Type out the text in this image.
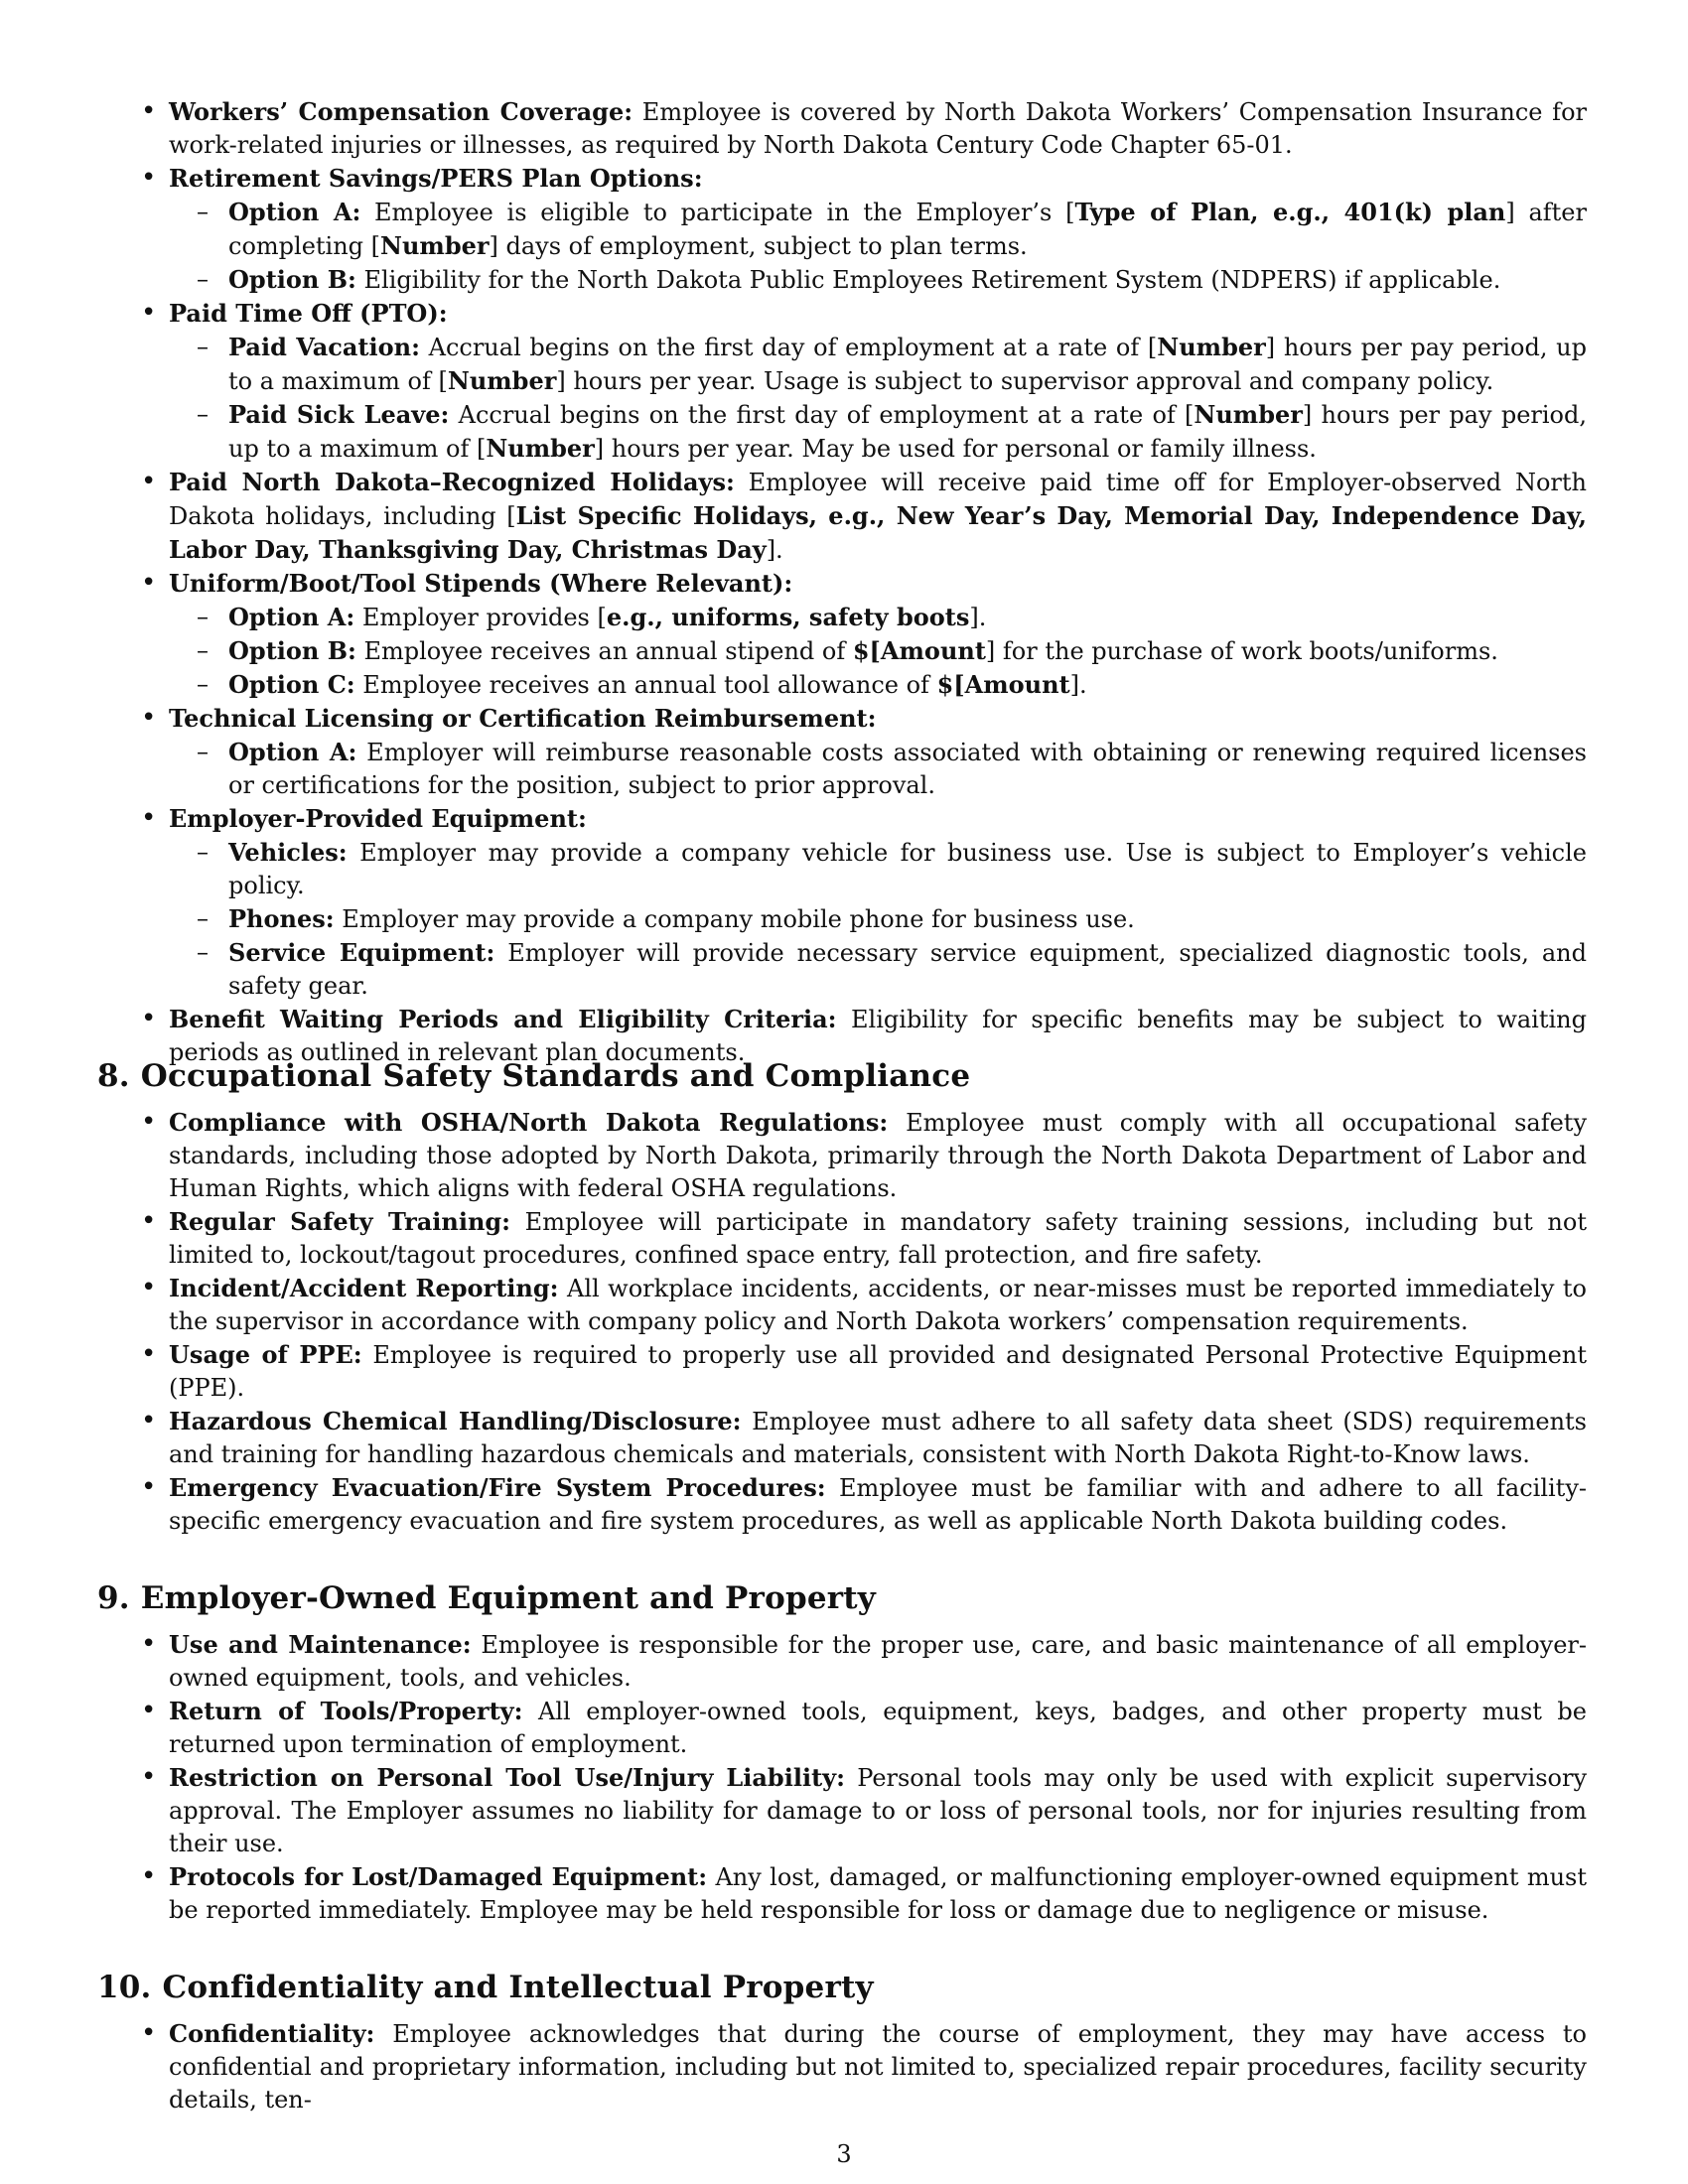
• Workers’ Compensation Coverage: Employee is covered by North Dakota Workers’ Compensation Insurance for work-related injuries or illnesses, as required by North Dakota Century Code Chapter 65-01.
• Retirement Savings/PERS Plan Options:
– Option A: Employee is eligible to participate in the Employer’s [Type of Plan, e.g., 401(k) plan] after completing [Number] days of employment, subject to plan terms.
– Option B: Eligibility for the North Dakota Public Employees Retirement System (NDPERS) if applicable.
• Paid Time Off (PTO):
– Paid Vacation: Accrual begins on the first day of employment at a rate of [Number] hours per pay period, up to a maximum of [Number] hours per year. Usage is subject to supervisor approval and company policy.
– Paid Sick Leave: Accrual begins on the first day of employment at a rate of [Number] hours per pay period, up to a maximum of [Number] hours per year. May be used for personal or family illness.
• Paid North Dakota–Recognized Holidays: Employee will receive paid time off for Employer-observed North Dakota holidays, including [List Specific Holidays, e.g., New Year’s Day, Memorial Day, Independence Day, Labor Day, Thanksgiving Day, Christmas Day].
• Uniform/Boot/Tool Stipends (Where Relevant):
– Option A: Employer provides [e.g., uniforms, safety boots].
– Option B: Employee receives an annual stipend of $[Amount] for the purchase of work boots/uniforms.
– Option C: Employee receives an annual tool allowance of $[Amount].
• Technical Licensing or Certification Reimbursement:
– Option A: Employer will reimburse reasonable costs associated with obtaining or renewing required licenses or certifications for the position, subject to prior approval.
• Employer-Provided Equipment:
– Vehicles: Employer may provide a company vehicle for business use. Use is subject to Employer’s vehicle policy.
– Phones: Employer may provide a company mobile phone for business use.
– Service Equipment: Employer will provide necessary service equipment, specialized diagnostic tools, and safety gear.
• Benefit Waiting Periods and Eligibility Criteria: Eligibility for specific benefits may be subject to waiting periods as outlined in relevant plan documents.
8. Occupational Safety Standards and Compliance
• Compliance with OSHA/North Dakota Regulations: Employee must comply with all occupational safety standards, including those adopted by North Dakota, primarily through the North Dakota Department of Labor and Human Rights, which aligns with federal OSHA regulations.
• Regular Safety Training: Employee will participate in mandatory safety training sessions, including but not limited to, lockout/tagout procedures, confined space entry, fall protection, and fire safety.
• Incident/Accident Reporting: All workplace incidents, accidents, or near-misses must be reported immediately to the supervisor in accordance with company policy and North Dakota workers’ compensation requirements.
• Usage of PPE: Employee is required to properly use all provided and designated Personal Protective Equipment (PPE).
• Hazardous Chemical Handling/Disclosure: Employee must adhere to all safety data sheet (SDS) requirements and training for handling hazardous chemicals and materials, consistent with North Dakota Right-to-Know laws.
• Emergency Evacuation/Fire System Procedures: Employee must be familiar with and adhere to all facility-specific emergency evacuation and fire system procedures, as well as applicable North Dakota building codes.
9. Employer-Owned Equipment and Property
• Use and Maintenance: Employee is responsible for the proper use, care, and basic maintenance of all employer-owned equipment, tools, and vehicles.
• Return of Tools/Property: All employer-owned tools, equipment, keys, badges, and other property must be returned upon termination of employment.
• Restriction on Personal Tool Use/Injury Liability: Personal tools may only be used with explicit supervisory approval. The Employer assumes no liability for damage to or loss of personal tools, nor for injuries resulting from their use.
• Protocols for Lost/Damaged Equipment: Any lost, damaged, or malfunctioning employer-owned equipment must be reported immediately. Employee may be held responsible for loss or damage due to negligence or misuse.
10. Confidentiality and Intellectual Property
• Confidentiality: Employee acknowledges that during the course of employment, they may have access to confidential and proprietary information, including but not limited to, specialized repair procedures, facility security details, ten-
3
